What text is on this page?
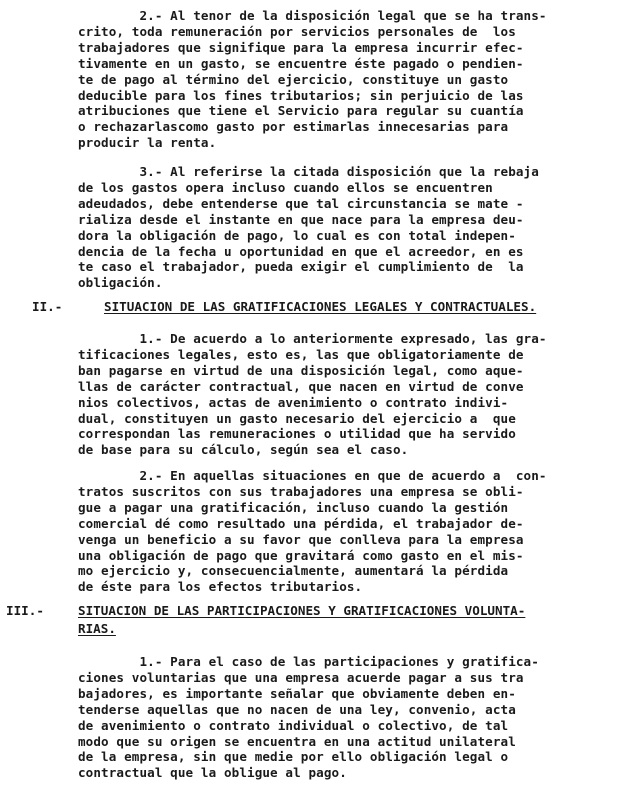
2.- Al tenor de la disposición legal que se ha trans-
crito, toda remuneración por servicios personales de  los
trabajadores que signifique para la empresa incurrir efec-
tivamente en un gasto, se encuentre éste pagado o pendien-
te de pago al término del ejercicio, constituye un gasto
deducible para los fines tributarios; sin perjuicio de las
atribuciones que tiene el Servicio para regular su cuantía
o rechazarlascomo gasto por estimarlas innecesarias para
producir la renta.

3.- Al referirse la citada disposición que la rebaja
de los gastos opera incluso cuando ellos se encuentren
adeudados, debe entenderse que tal circunstancia se mate -
rializa desde el instante en que nace para la empresa deu-
dora la obligación de pago, lo cual es con total indepen-
dencia de la fecha u oportunidad en que el acreedor, en es
te caso el trabajador, pueda exigir el cumplimiento de  la
obligación.

II.-

	SITUACION DE LAS GRATIFICACIONES LEGALES Y CONTRACTUALES.

1.- De acuerdo a lo anteriormente expresado, las gra-
tificaciones legales, esto es, las que obligatoriamente de
ban pagarse en virtud de una disposición legal, como aque-
llas de carácter contractual, que nacen en virtud de conve
nios colectivos, actas de avenimiento o contrato indivi-
dual, constituyen un gasto necesario del ejercicio a  que
correspondan las remuneraciones o utilidad que ha servido
de base para su cálculo, según sea el caso.

2.- En aquellas situaciones en que de acuerdo a  con-
tratos suscritos con sus trabajadores una empresa se obli-
gue a pagar una gratificación, incluso cuando la gestión
comercial dé como resultado una pérdida, el trabajador de-
venga un beneficio a su favor que conlleva para la empresa
una obligación de pago que gravitará como gasto en el mis-
mo ejercicio y, consecuencialmente, aumentará la pérdida
de éste para los efectos tributarios.

III.-

	SITUACION DE LAS PARTICIPACIONES Y GRATIFICACIONES VOLUNTA-

RIAS.

1.- Para el caso de las participaciones y gratifica-
ciones voluntarias que una empresa acuerde pagar a sus tra
bajadores, es importante señalar que obviamente deben en-
tenderse aquellas que no nacen de una ley, convenio, acta
de avenimiento o contrato individual o colectivo, de tal
modo que su origen se encuentra en una actitud unilateral
de la empresa, sin que medie por ello obligación legal o
contractual que la obligue al pago.
